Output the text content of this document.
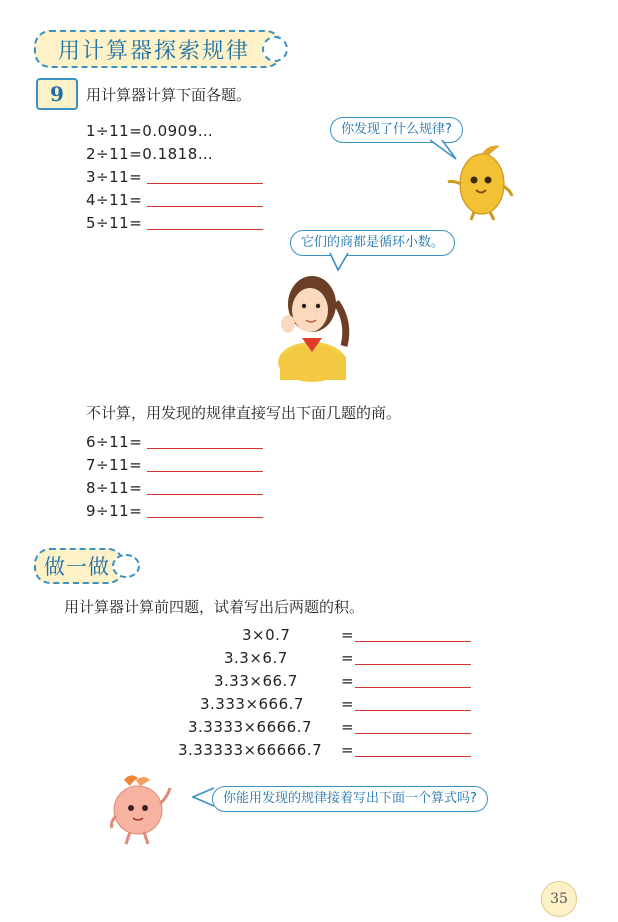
用计算器探索规律
9	用计算器计算下面各题。
1÷11=0.0909…
2÷11=0.1818…
3÷11=
4÷11=
5÷11=
你发现了什么规律?
它们的商都是循环小数。
不计算，用发现的规律直接写出下面几题的商。
6÷11=
7÷11=
8÷11=
9÷11=
做一做
用计算器计算前四题，试着写出后两题的积。
3×0.7
3.3×6.7
3.33×66.7
3.333×666.7
3.3333×6666.7
3.33333×66666.7
=
=
=
=
=
=
你能用发现的规律接着写出下面一个算式吗?
35
